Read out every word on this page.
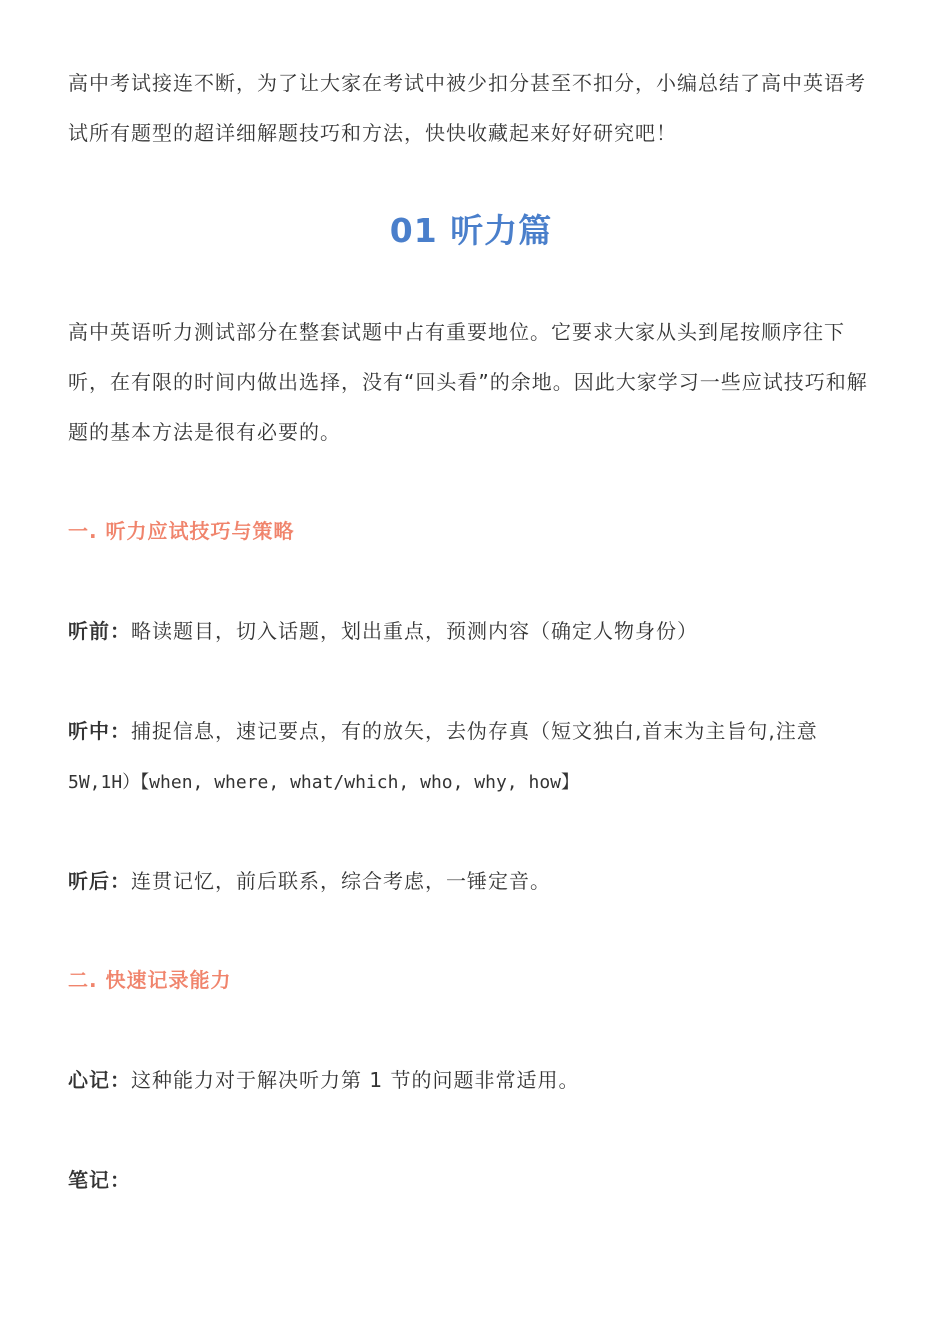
高中考试接连不断，为了让大家在考试中被少扣分甚至不扣分，小编总结了高中英语考试所有题型的超详细解题技巧和方法，快快收藏起来好好研究吧！

01 听力篇

高中英语听力测试部分在整套试题中占有重要地位。它要求大家从头到尾按顺序往下听，在有限的时间内做出选择，没有“回头看”的余地。因此大家学习一些应试技巧和解题的基本方法是很有必要的。

一. 听力应试技巧与策略

听前：略读题目，切入话题，划出重点，预测内容（确定人物身份）

听中：捕捉信息，速记要点，有的放矢，去伪存真（短文独白,首末为主旨句,注意
5W,1H）【when, where, what/which, who, why, how】

听后：连贯记忆，前后联系，综合考虑，一锤定音。

二. 快速记录能力

心记：这种能力对于解决听力第 1 节的问题非常适用。

笔记：
